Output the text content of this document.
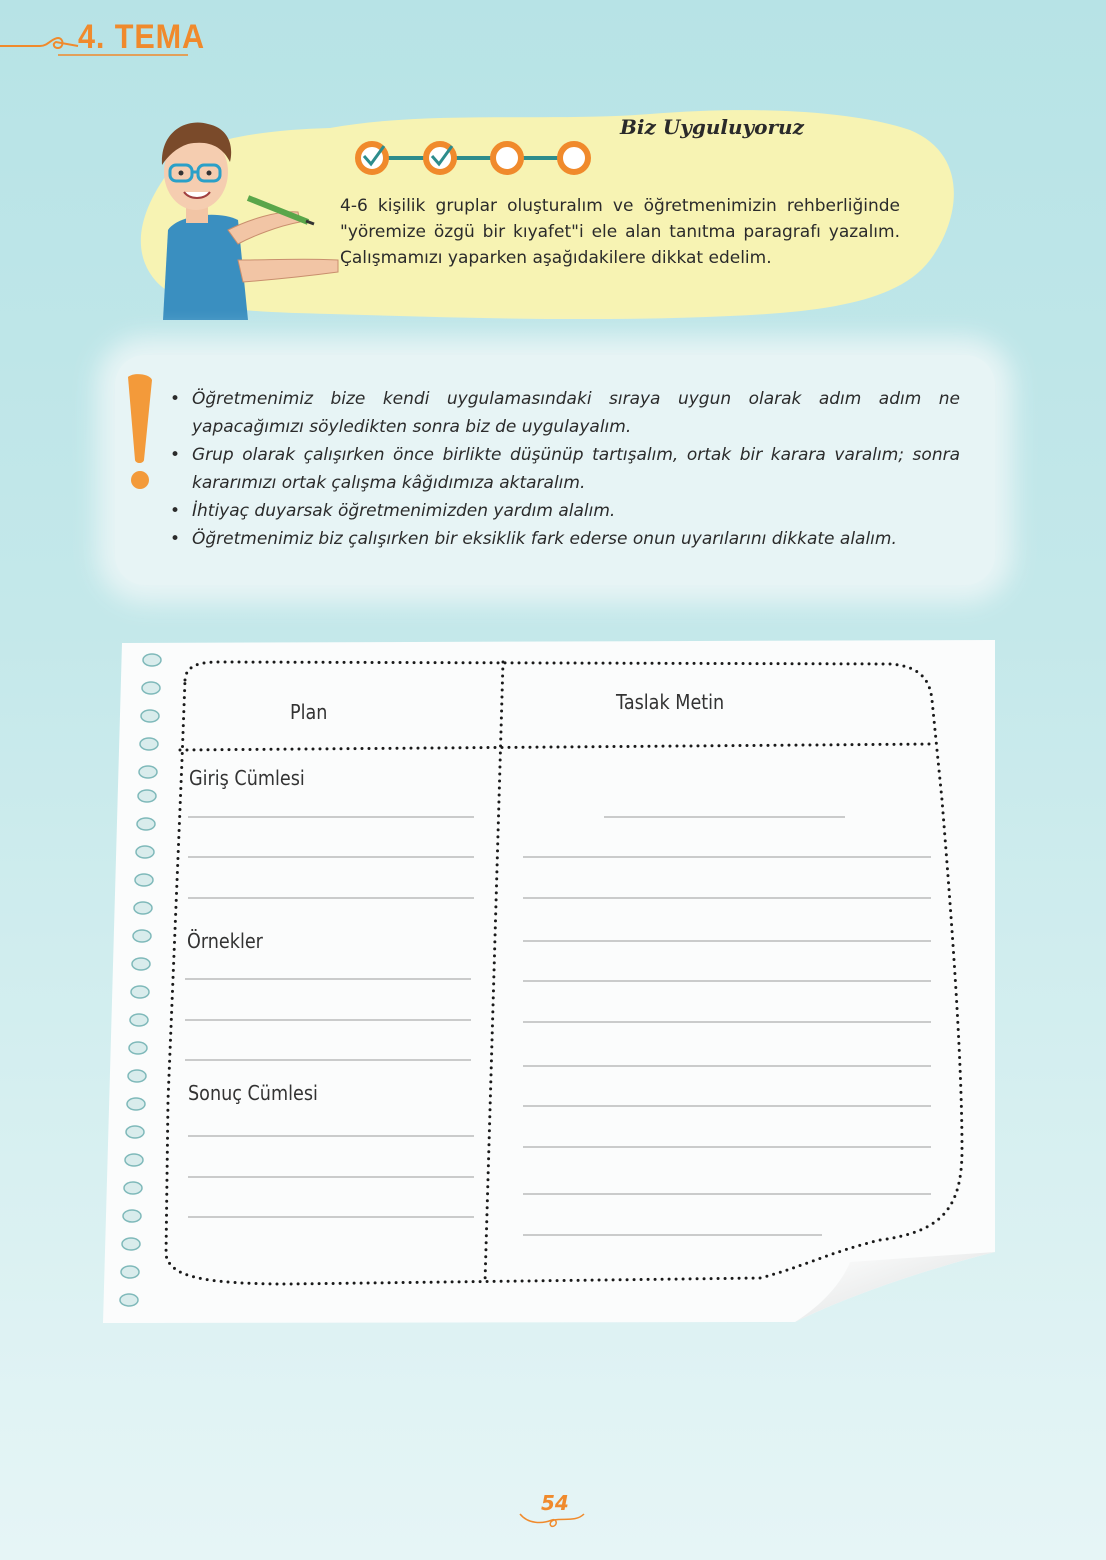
4. TEMA
Biz Uyguluyoruz

4-6 kişilik gruplar oluşturalım ve öğretmenimizin rehberliğinde "yöremize özgü bir kıyafet"i ele alan tanıtma paragrafı yazalım. Çalışmamızı yaparken aşağıdakilere dikkat edelim.

• Öğretmenimiz bize kendi uygulamasındaki sıraya uygun olarak adım adım ne yapacağımızı söyledikten sonra biz de uygulayalım.
• Grup olarak çalışırken önce birlikte düşünüp tartışalım, ortak bir karara varalım; sonra kararımızı ortak çalışma kâğıdımıza aktaralım.
• İhtiyaç duyarsak öğretmenimizden yardım alalım.
• Öğretmenimiz biz çalışırken bir eksiklik fark ederse onun uyarılarını dikkate alalım.
Plan	Taslak Metin
Giriş Cümlesi
Örnekler
Sonuç Cümlesi
54
